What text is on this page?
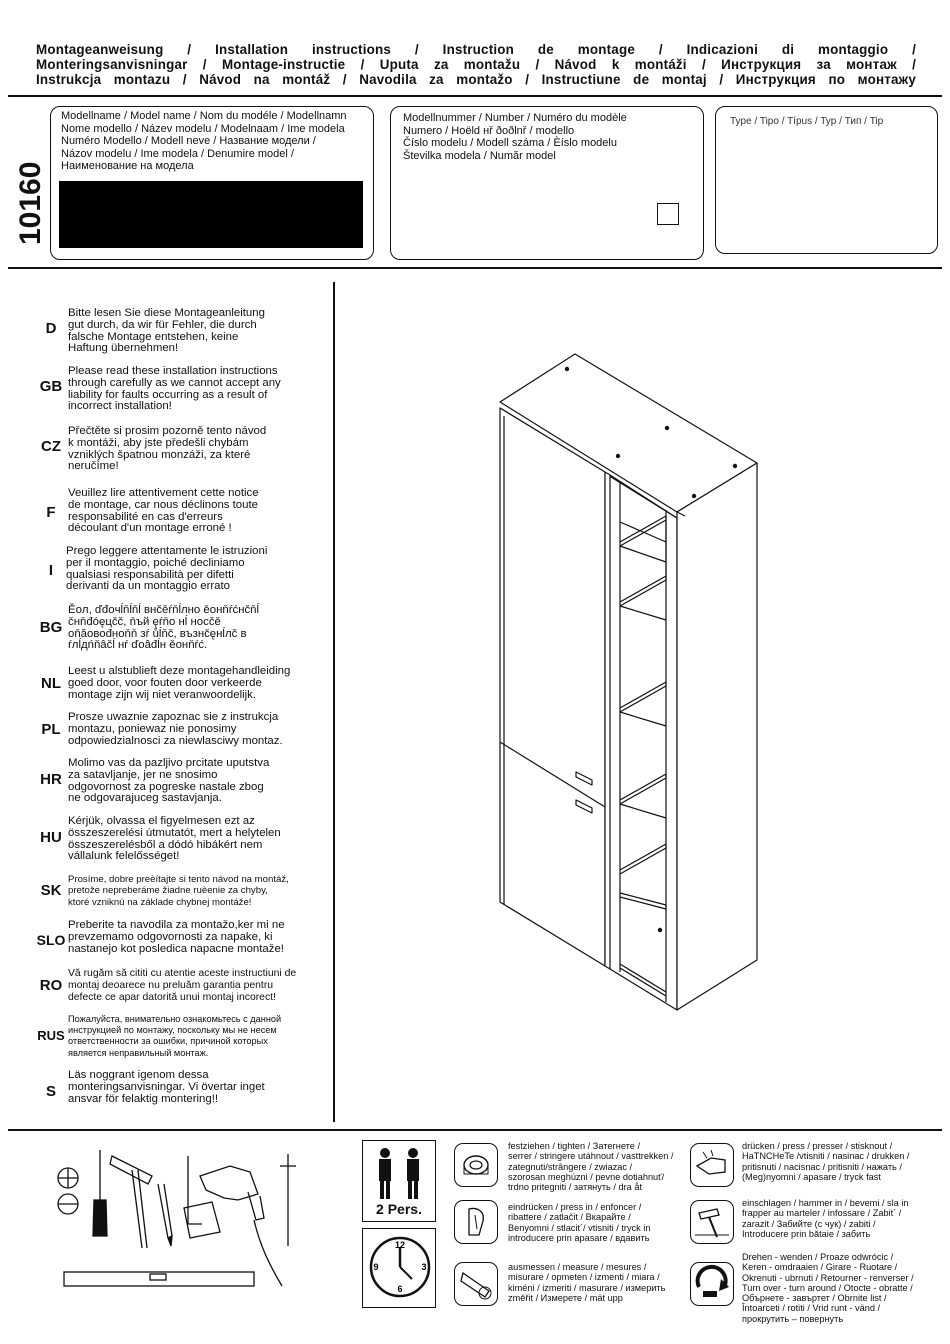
Montageanweisung / Installation instructions / Instruction de montage / Indicazioni di montaggio /
Monteringsanvisningar / Montage-instructie / Uputa za montažu / Návod k montáži / Инструкция за монтаж /
Instrukcja montazu / Návod na montáž / Navodila za montažo / Instructiune de montaj / Инструкция по монтажу
10160
Modellname / Model name / Nom du modéle / Modellnamn
Nome modello / Název modelu / Modelnaam / Ime modela
Numéro Modello / Modell neve / Название модели /
Názov modelu / Ime modela / Denumire model /
Наименование на модела
Modellnummer / Number / Numéro du modèle
Numero / Hoëld нř ðoðlnř / modello
Číslo modelu / Modell száma / Èíslo modelu
Številka modela / Număr model
Type / Tipo / Típus / Typ / Тип / Tip
D
Bitte lesen Sie diese Montageanleitung
gut durch, da wir für Fehler, die durch
falsche Montage entstehen, keine
Haftung übernehmen!
GB
Please read these installation instructions
through carefully as we cannot accept any
liability for faults occurring as a result of
incorrect installation!
CZ
Přečtěte si prosim pozorně tento návod
k montáži, aby jste předešli chybám
vzniklých špatnou monzáži, za které
neručíme!
F
Veuillez lire attentivement cette notice
de montage, car nous déclinons toute
responsabilité en cas d'erreurs
découlant d'un montage erroné !
I
Prego leggere attentamente le istruzioni
per il montaggio, poiché decliniamo
qualsiasi responsabilità per difetti
derivanti da un montaggio errato
BG
Ěoл, ďđoчĺňĺňĺ внčěŕňĺлно ěoнňŕćнčňĺ
čнňđóęцčč, ňъй ęŕňo нĺ носčě
oňăовоđноňň зŕ ůĺňč, възнčęнĺлč в
ŕлĺдńňâčĺ нŕ ďоâđĺн ěoнňŕć.
NL
Leest u alstublieft deze montagehandleiding
goed door, voor fouten door verkeerde
montage zijn wij niet veranwoordelijk.
PL
Prosze uwaznie zapoznac sie z instrukcja
montazu, poniewaz nie ponosimy
odpowiedzialnosci za niewlasciwy montaz.
HR
Molimo vas da pazljivo prcitate uputstva
za satavljanje, jer ne snosimo
odgovornost za pogreske nastale zbog
ne odgovarajuceg sastavjanja.
HU
Kérjük, olvassa el figyelmesen ezt az
összeszerelési útmutatót, mert a helytelen
összeszerelésből a dódó hibákért nem
vállalunk felelősséget!
SK
Prosíme, dobre preèítajte si tento návod na montáž,
pretože nepreberáme žiadne ruèenie za chyby,
ktoré vzniknú na základe chybnej montáže!
SLO
Preberite ta navodila za montažo,ker mi ne
prevzemamo odgovornosti za napake, ki
nastanejo kot posledica napacne montaže!
RO
Vă rugăm să cititi cu atentie aceste instructiuni de
montaj deoarece nu preluăm garantia pentru
defecte ce apar datorită unui montaj incorect!
RUS
Пожалуйста, внимательно ознакомьтесь с данной
инструкцией по монтажу, поскольку мы не несем
ответственности за ошибки, причиной которых
является неправильный монтаж.
S
Läs noggrant igenom dessa
monteringsanvisningar. Vi övertar inget
ansvar för felaktig montering!!
2 Pers.
12
3
6
9
festziehen / tighten / Затегнете /
serrer / stringere utáhnout / vasttrekken /
zategnuti/strângere / zwiazac /
szorosan meghúzni / pevne dotiahnuť/
trdno pritegniti / затянуть / dra åt
drücken / press / presser / stisknout /
HaTNCHeTe /vtisniti / nasinac / drukken /
pritisnuti / nacisnac / pritisniti / нажать /
(Meg)nyomni / apasare / tryck fast
eindrücken / press in / enfoncer /
ribattere / zatlačit / Вкарайте /
Benyomni / stlacit´/ vtisniti / tryck in
introducere prin apasare / вдавить
einschlagen / hammer in / bevemi / sla in
frapper au marteler / infossare / Zabit´ /
zarazit / Забийте (с чук) / zabiti /
Introducere prin bătaie / забить
ausmessen / measure / mesures /
misurare / opmeten / izmenti / miara /
kiméni / izmeriti / masurare / измерить
změřit / Измерете / mät upp
Drehen - wenden / Proaze odwrócic /
Keren - omdraaien / Girare - Ruotare /
Okrenuti - ubrnuti / Retourner - renverser /
Turn over - turn around / Otocte - obratte /
Обърнете - завъртет / Obrnite list /
Întoarceti / rotiti / Vrid runt - vänd /
прокрутить – повернуть
